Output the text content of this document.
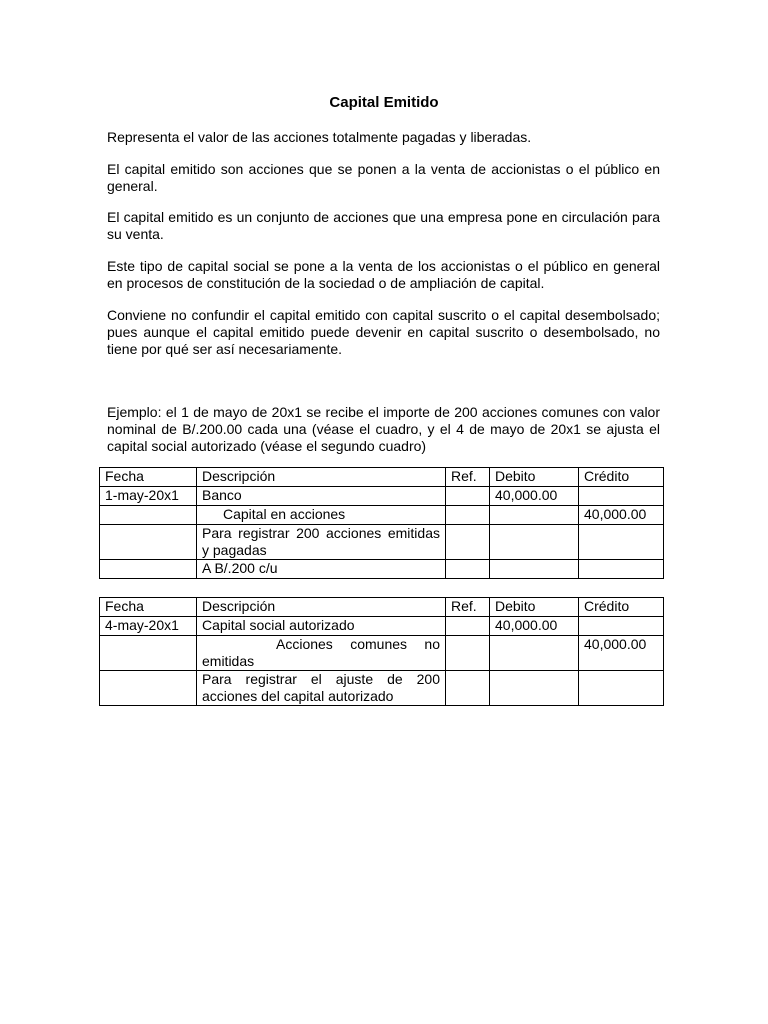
Capital Emitido

Representa el valor de las acciones totalmente pagadas y liberadas.

El capital emitido son acciones que se ponen a la venta de accionistas o el público en general.

El capital emitido es un conjunto de acciones que una empresa pone en circulación para su venta.

Este tipo de capital social se pone a la venta de los accionistas o el público en general en procesos de constitución de la sociedad o de ampliación de capital.

Conviene no confundir el capital emitido con capital suscrito o el capital desembolsado; pues aunque el capital emitido puede devenir en capital suscrito o desembolsado, no tiene por qué ser así necesariamente.

Ejemplo: el 1 de mayo de 20x1 se recibe el importe de 200 acciones comunes con valor nominal de B/.200.00 cada una (véase el cuadro, y el 4 de mayo de 20x1 se ajusta el capital social autorizado (véase el segundo cuadro)

Fecha	Descripción	Ref.	Debito	Crédito
1-may-20x1	Banco		40,000.00	
	Capital en acciones			40,000.00
	Para registrar 200 acciones emitidas y pagadas			
	A B/.200 c/u			
Fecha	Descripción	Ref.	Debito	Crédito
4-may-20x1	Capital social autorizado		40,000.00	
	Acciones comunes no emitidas			40,000.00
	Para registrar el ajuste de 200 acciones del capital autorizado			
